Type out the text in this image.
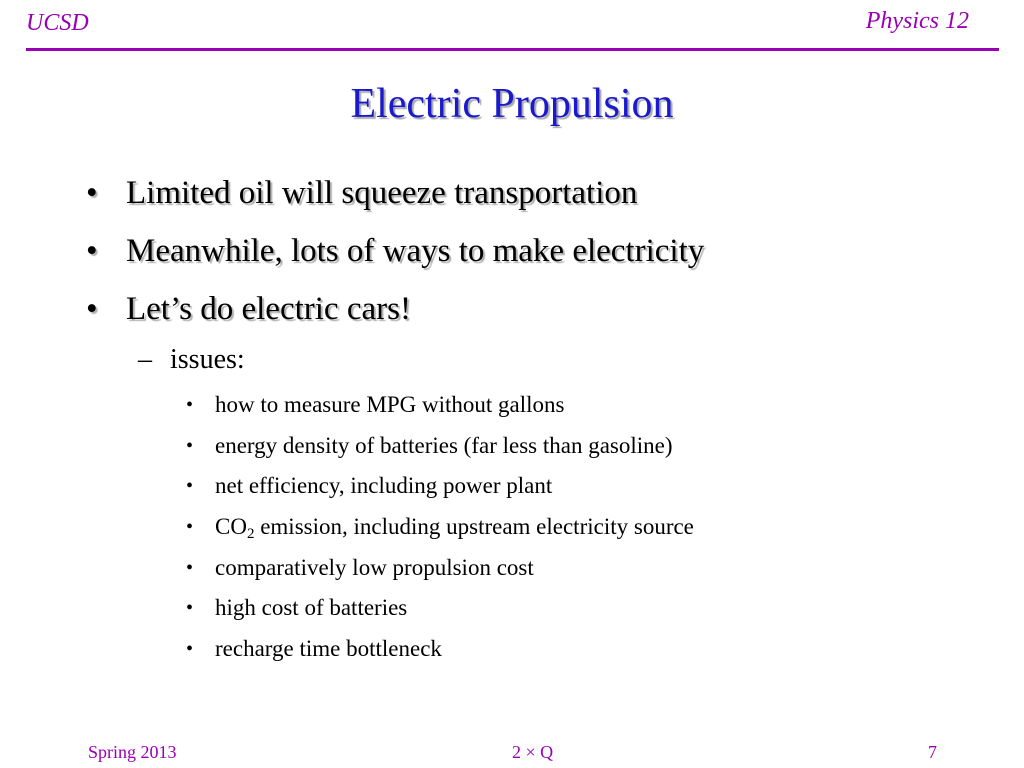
UCSD	Physics 12
Electric Propulsion
• Limited oil will squeeze transportation
• Meanwhile, lots of ways to make electricity
• Let’s do electric cars!
– issues:
• how to measure MPG without gallons
• energy density of batteries (far less than gasoline)
• net efficiency, including power plant
• $CO_2$ emission, including upstream electricity source
• comparatively low propulsion cost
• high cost of batteries
• recharge time bottleneck
Spring 2013	2 × Q	7
